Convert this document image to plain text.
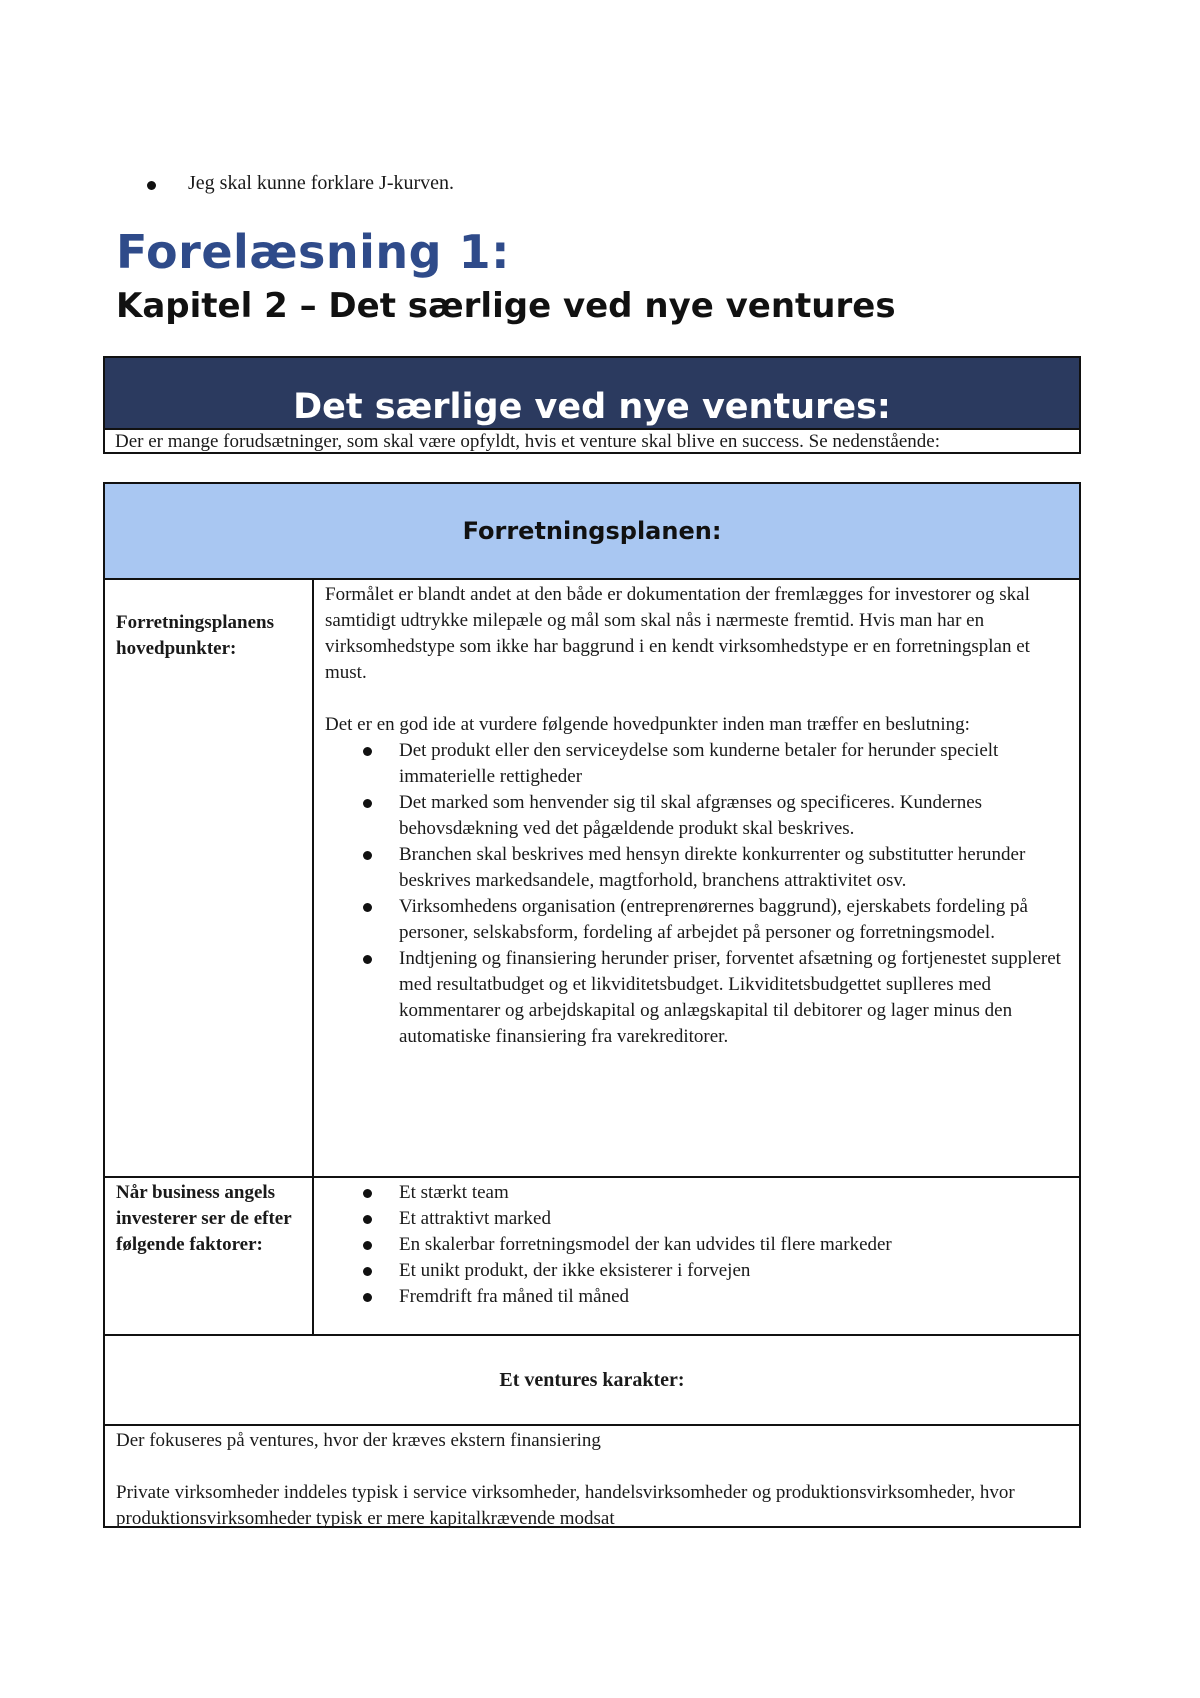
Jeg skal kunne forklare J-kurven.
Forelæsning 1:
Kapitel 2 – Det særlige ved nye ventures
Det særlige ved nye ventures:
Der er mange forudsætninger, som skal være opfyldt, hvis et venture skal blive en success. Se nedenstående:
Forretningsplanen:
Forretningsplanens hovedpunkter:

Formålet er blandt andet at den både er dokumentation der fremlægges for investorer og skal samtidigt udtrykke milepæle og mål som skal nås i nærmeste fremtid. Hvis man har en virksomhedstype som ikke har baggrund i en kendt virksomhedstype er en forretningsplan et must.

Det er en god ide at vurdere følgende hovedpunkter inden man træffer en beslutning:

Det produkt eller den serviceydelse som kunderne betaler for herunder specielt immaterielle rettigheder
Det marked som henvender sig til skal afgrænses og specificeres. Kundernes behovsdækning ved det pågældende produkt skal beskrives.
Branchen skal beskrives med hensyn direkte konkurrenter og substitutter herunder beskrives markedsandele, magtforhold, branchens attraktivitet osv.
Virksomhedens organisation (entreprenørernes baggrund), ejerskabets fordeling på personer, selskabsform, fordeling af arbejdet på personer og forretningsmodel.
Indtjening og finansiering herunder priser, forventet afsætning og fortjenestet suppleret med resultatbudget og et likviditetsbudget. Likviditetsbudgettet suplleres med kommentarer og arbejdskapital og anlægskapital til debitorer og lager minus den automatiske finansiering fra varekreditorer.
Når business angels investerer ser de efter følgende faktorer:
Et stærkt team
Et attraktivt marked
En skalerbar forretningsmodel der kan udvides til flere markeder
Et unikt produkt, der ikke eksisterer i forvejen
Fremdrift fra måned til måned
Et ventures karakter:

Der fokuseres på ventures, hvor der kræves ekstern finansiering

Private virksomheder inddeles typisk i service virksomheder, handelsvirksomheder og produktionsvirksomheder, hvor produktionsvirksomheder typisk er mere kapitalkrævende modsat
